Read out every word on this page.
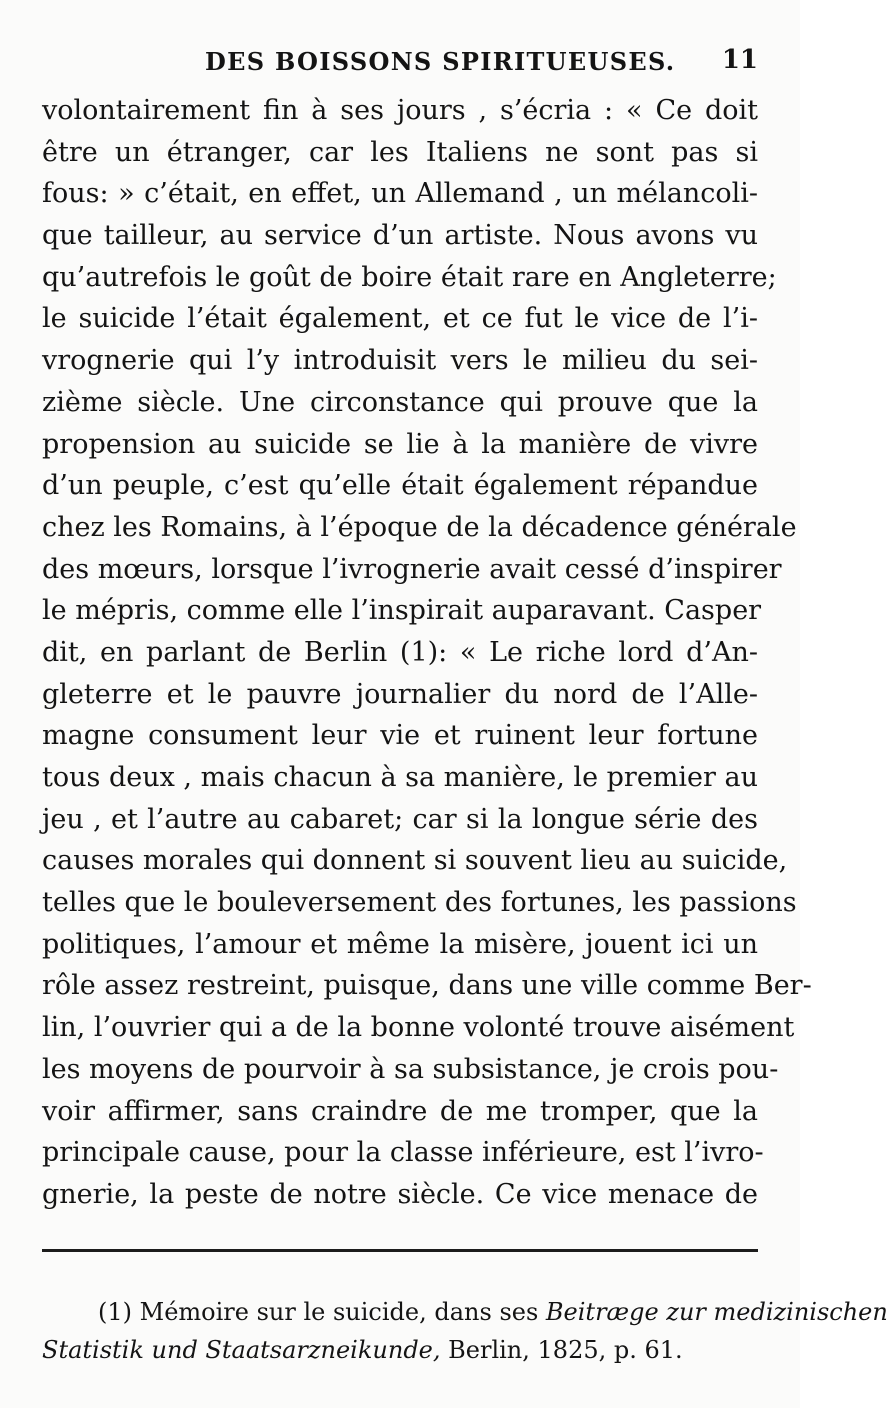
DES BOISSONS SPIRITUEUSES. 11
volontairement fin à ses jours , s’écria : « Ce doit
être un étranger, car les Italiens ne sont pas si
fous: » c’était, en effet, un Allemand , un mélancoli-
que tailleur, au service d’un artiste. Nous avons vu
qu’autrefois le goût de boire était rare en Angleterre;
le suicide l’était également, et ce fut le vice de l’i-
vrognerie qui l’y introduisit vers le milieu du sei-
zième siècle. Une circonstance qui prouve que la
propension au suicide se lie à la manière de vivre
d’un peuple, c’est qu’elle était également répandue
chez les Romains, à l’époque de la décadence générale
des mœurs, lorsque l’ivrognerie avait cessé d’inspirer
le mépris, comme elle l’inspirait auparavant. Casper
dit, en parlant de Berlin (1): « Le riche lord d’An-
gleterre et le pauvre journalier du nord de l’Alle-
magne consument leur vie et ruinent leur fortune
tous deux , mais chacun à sa manière, le premier au
jeu , et l’autre au cabaret; car si la longue série des
causes morales qui donnent si souvent lieu au suicide,
telles que le bouleversement des fortunes, les passions
politiques, l’amour et même la misère, jouent ici un
rôle assez restreint, puisque, dans une ville comme Ber-
lin, l’ouvrier qui a de la bonne volonté trouve aisément
les moyens de pourvoir à sa subsistance, je crois pou-
voir affirmer, sans craindre de me tromper, que la
principale cause, pour la classe inférieure, est l’ivro-
gnerie, la peste de notre siècle. Ce vice menace de
(1) Mémoire sur le suicide, dans ses Beitræge zur medizinischen
Statistik und Staatsarzneikunde, Berlin, 1825, p. 61.
